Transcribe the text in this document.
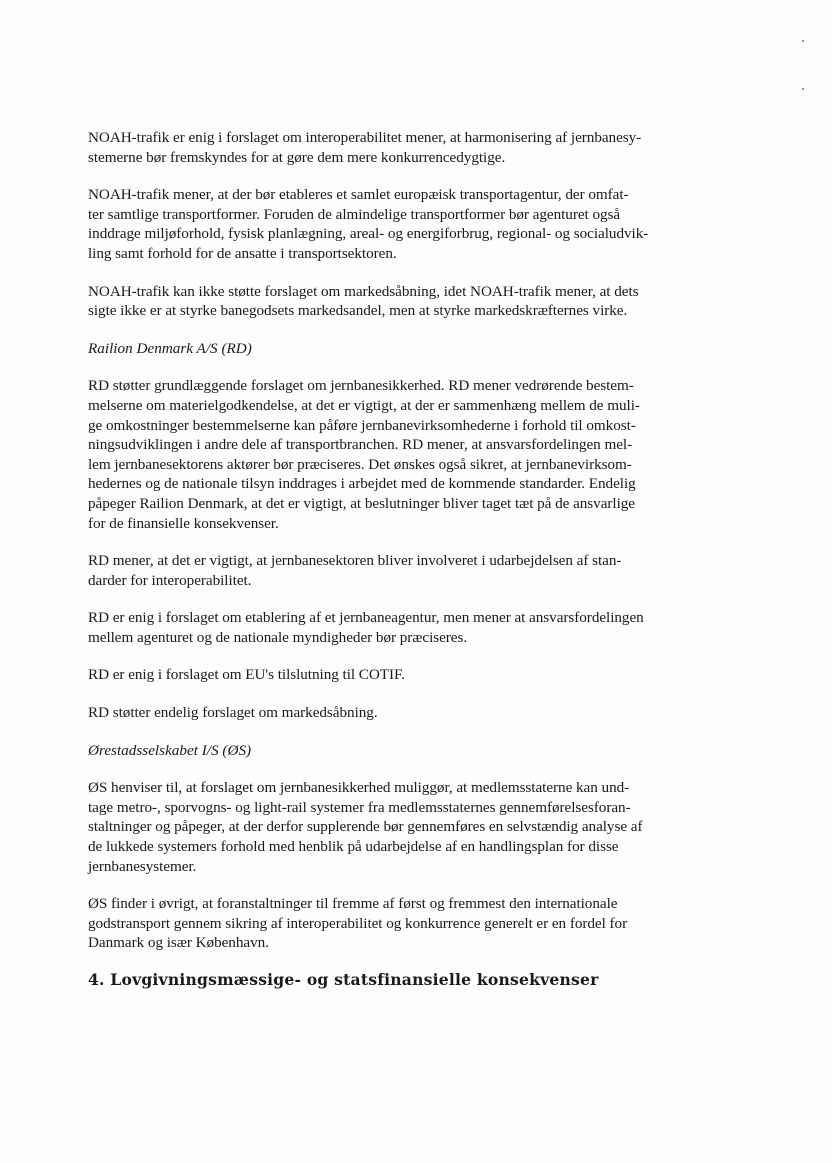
NOAH-trafik er enig i forslaget om interoperabilitet mener, at harmonisering af jernbanesy-
stemerne bør fremskyndes for at gøre dem mere konkurrencedygtige.

NOAH-trafik mener, at der bør etableres et samlet europæisk transportagentur, der omfat-
ter samtlige transportformer. Foruden de almindelige transportformer bør agenturet også
inddrage miljøforhold, fysisk planlægning, areal- og energiforbrug, regional- og socialudvik-
ling samt forhold for de ansatte i transportsektoren.

NOAH-trafik kan ikke støtte forslaget om markedsåbning, idet NOAH-trafik mener, at dets
sigte ikke er at styrke banegodsets markedsandel, men at styrke markedskræfternes virke.

Railion Denmark A/S (RD)

RD støtter grundlæggende forslaget om jernbanesikkerhed. RD mener vedrørende bestem-
melserne om materielgodkendelse, at det er vigtigt, at der er sammenhæng mellem de muli-
ge omkostninger bestemmelserne kan påføre jernbanevirksomhederne i forhold til omkost-
ningsudviklingen i andre dele af transportbranchen. RD mener, at ansvarsfordelingen mel-
lem jernbanesektorens aktører bør præciseres. Det ønskes også sikret, at jernbanevirksom-
hedernes og de nationale tilsyn inddrages i arbejdet med de kommende standarder. Endelig
påpeger Railion Denmark, at det er vigtigt, at beslutninger bliver taget tæt på de ansvarlige
for de finansielle konsekvenser.

RD mener, at det er vigtigt, at jernbanesektoren bliver involveret i udarbejdelsen af stan-
darder for interoperabilitet.

RD er enig i forslaget om etablering af et jernbaneagentur, men mener at ansvarsfordelingen
mellem agenturet og de nationale myndigheder bør præciseres.

RD er enig i forslaget om EU's tilslutning til COTIF.

RD støtter endelig forslaget om markedsåbning.

Ørestadsselskabet I/S (ØS)

ØS henviser til, at forslaget om jernbanesikkerhed muliggør, at medlemsstaterne kan und-
tage metro-, sporvogns- og light-rail systemer fra medlemsstaternes gennemførelsesforan-
staltninger og påpeger, at der derfor supplerende bør gennemføres en selvstændig analyse af
de lukkede systemers forhold med henblik på udarbejdelse af en handlingsplan for disse
jernbanesystemer.

ØS finder i øvrigt, at foranstaltninger til fremme af først og fremmest den internationale
godstransport gennem sikring af interoperabilitet og konkurrence generelt er en fordel for
Danmark og især København.

4. Lovgivningsmæssige- og statsfinansielle konsekvenser
